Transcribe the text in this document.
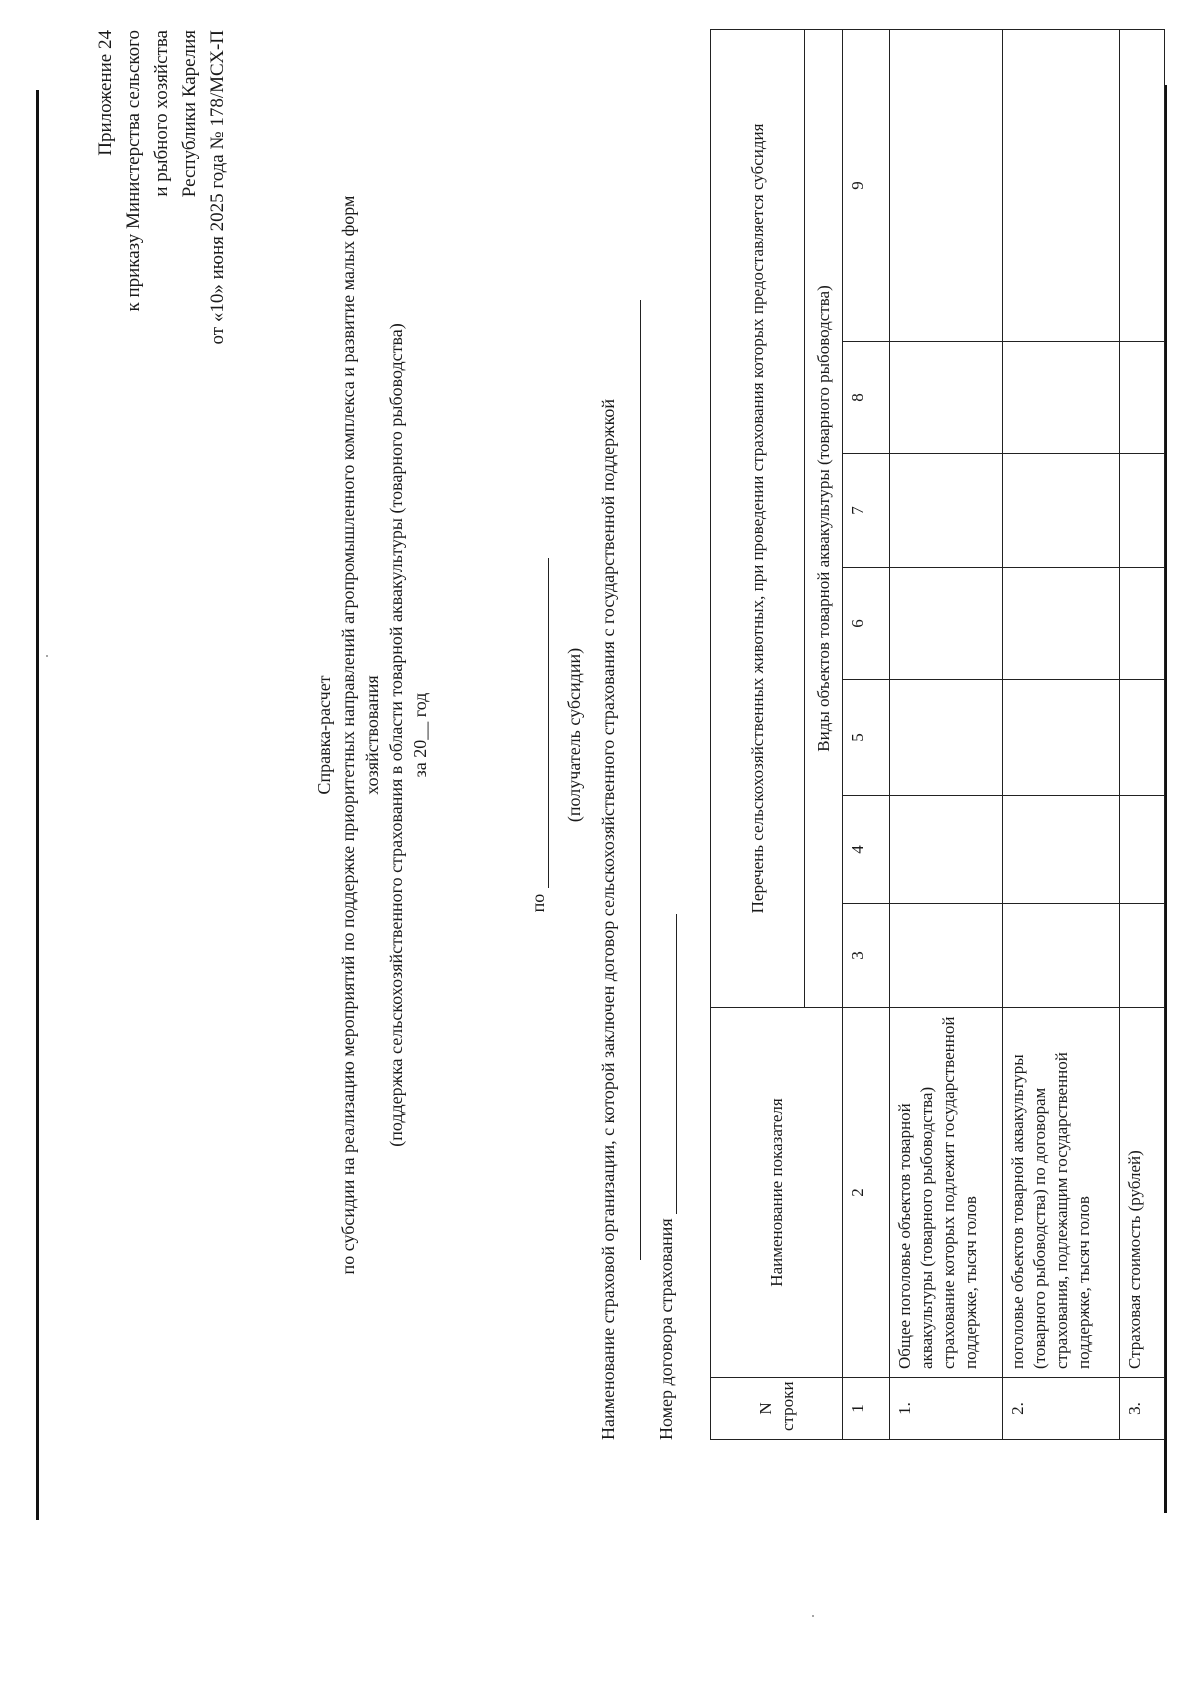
Приложение 24 к приказу Министерства сельского и рыбного хозяйства Республики Карелия от «10» июня 2025 года № 178/МСХ-П
Справка-расчет по субсидии на реализацию мероприятий по поддержке приоритетных направлений агропромышленного комплекса и развитие малых форм хозяйствования (поддержка сельскохозяйственного страхования в области товарной аквакультуры (товарного рыбоводства) за 20__ год
по
(получатель субсидии) Наименование страховой организации, с которой заключен договор сельскохозяйственного страхования с государственной поддержкой Номер договора страхования	N строки	Наименование показателя	Перечень сельскохозяйственных животных, при проведении страхования которых предоставляется субсидия						
		Виды объектов товарной аквакультуры (товарного рыбоводства)						
1	2	3	4	5	6	7	8	9
1.	Общее поголовье объектов товарной аквакультуры (товарного рыбоводства) страхование которых подлежит государственной поддержке, тысяч голов							
2.	поголовье объектов товарной аквакультуры (товарного рыбоводства) по договорам страхования, подлежащим государственной поддержке, тысяч голов							
3.	Страховая стоимость (рублей)							
